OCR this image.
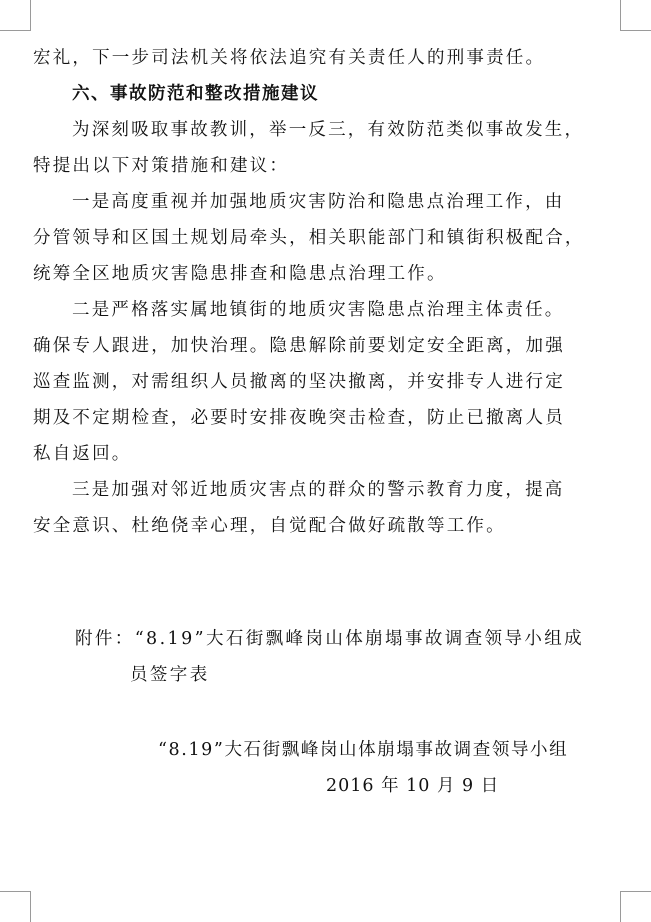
宏礼，下一步司法机关将依法追究有关责任人的刑事责任。
六、事故防范和整改措施建议
为深刻吸取事故教训，举一反三，有效防范类似事故发生，
特提出以下对策措施和建议：
一是高度重视并加强地质灾害防治和隐患点治理工作，由
分管领导和区国土规划局牵头，相关职能部门和镇街积极配合，
统筹全区地质灾害隐患排查和隐患点治理工作。
二是严格落实属地镇街的地质灾害隐患点治理主体责任。
确保专人跟进，加快治理。隐患解除前要划定安全距离，加强
巡查监测，对需组织人员撤离的坚决撤离，并安排专人进行定
期及不定期检查，必要时安排夜晚突击检查，防止已撤离人员
私自返回。
三是加强对邻近地质灾害点的群众的警示教育力度，提高
安全意识、杜绝侥幸心理，自觉配合做好疏散等工作。
附件：“8.19”大石街飘峰岗山体崩塌事故调查领导小组成
员签字表
“8.19”大石街飘峰岗山体崩塌事故调查领导小组
2016 年 10 月 9 日
